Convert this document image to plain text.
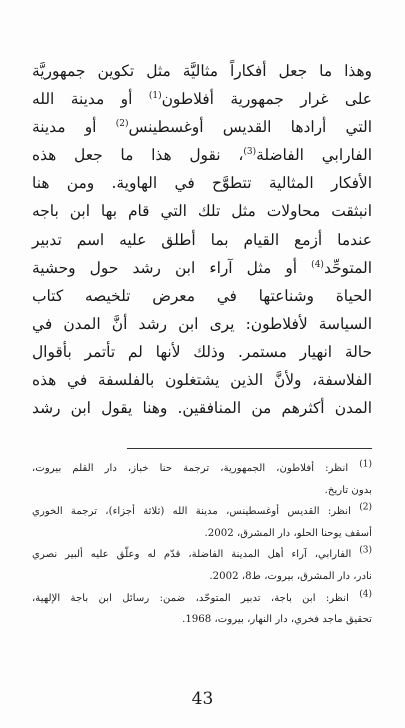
وهذا ما جعل أفكاراً مثاليَّة مثل تكوين جمهوريَّة
على غرار جمهورية أفلاطون$^{(1)}$ أو مدينة الله
التي أرادها القديس أوغسطينس$^{(2)}$ أو مدينة
الفارابي الفاضلة$^{(3)}$، نقول هذا ما جعل هذه
الأفكار المثالية تتطوَّح في الهاوية. ومن هنا
انبثقت محاولات مثل تلك التي قام بها ابن باجه
عندما أزمع القيام بما أطلق عليه اسم تدبير
المتوحِّد$^{(4)}$ أو مثل آراء ابن رشد حول وحشية
الحياة وشناعتها في معرض تلخيصه كتاب
السياسة لأفلاطون: يرى ابن رشد أنَّ المدن في
حالة انهيار مستمر. وذلك لأنها لم تأتمر بأقوال
الفلاسفة، ولأنَّ الذين يشتغلون بالفلسفة في هذه
المدن أكثرهم من المنافقين. وهنا يقول ابن رشد
$^{(1)}$ انظر: أفلاطون، الجمهورية، ترجمة حنا خباز، دار القلم بيروت،
بدون تاريخ.
$^{(2)}$ انظر: القديس أوغسطينس، مدينة الله (ثلاثة أجزاء)، ترجمة الخوري
أسقف يوحنا الحلو، دار المشرق، 2002.
$^{(3)}$ الفارابي، آراء أهل المدينة الفاضلة، قدّم له وعلّق عليه ألبير نصري
نادر، دار المشرق، بيروت، ط8، 2002.
$^{(4)}$ انظر: ابن باجة، تدبير المتوحّد، ضمن: رسائل ابن باجة الإلهية،
تحقيق ماجد فخري، دار النهار، بيروت، 1968.
43
